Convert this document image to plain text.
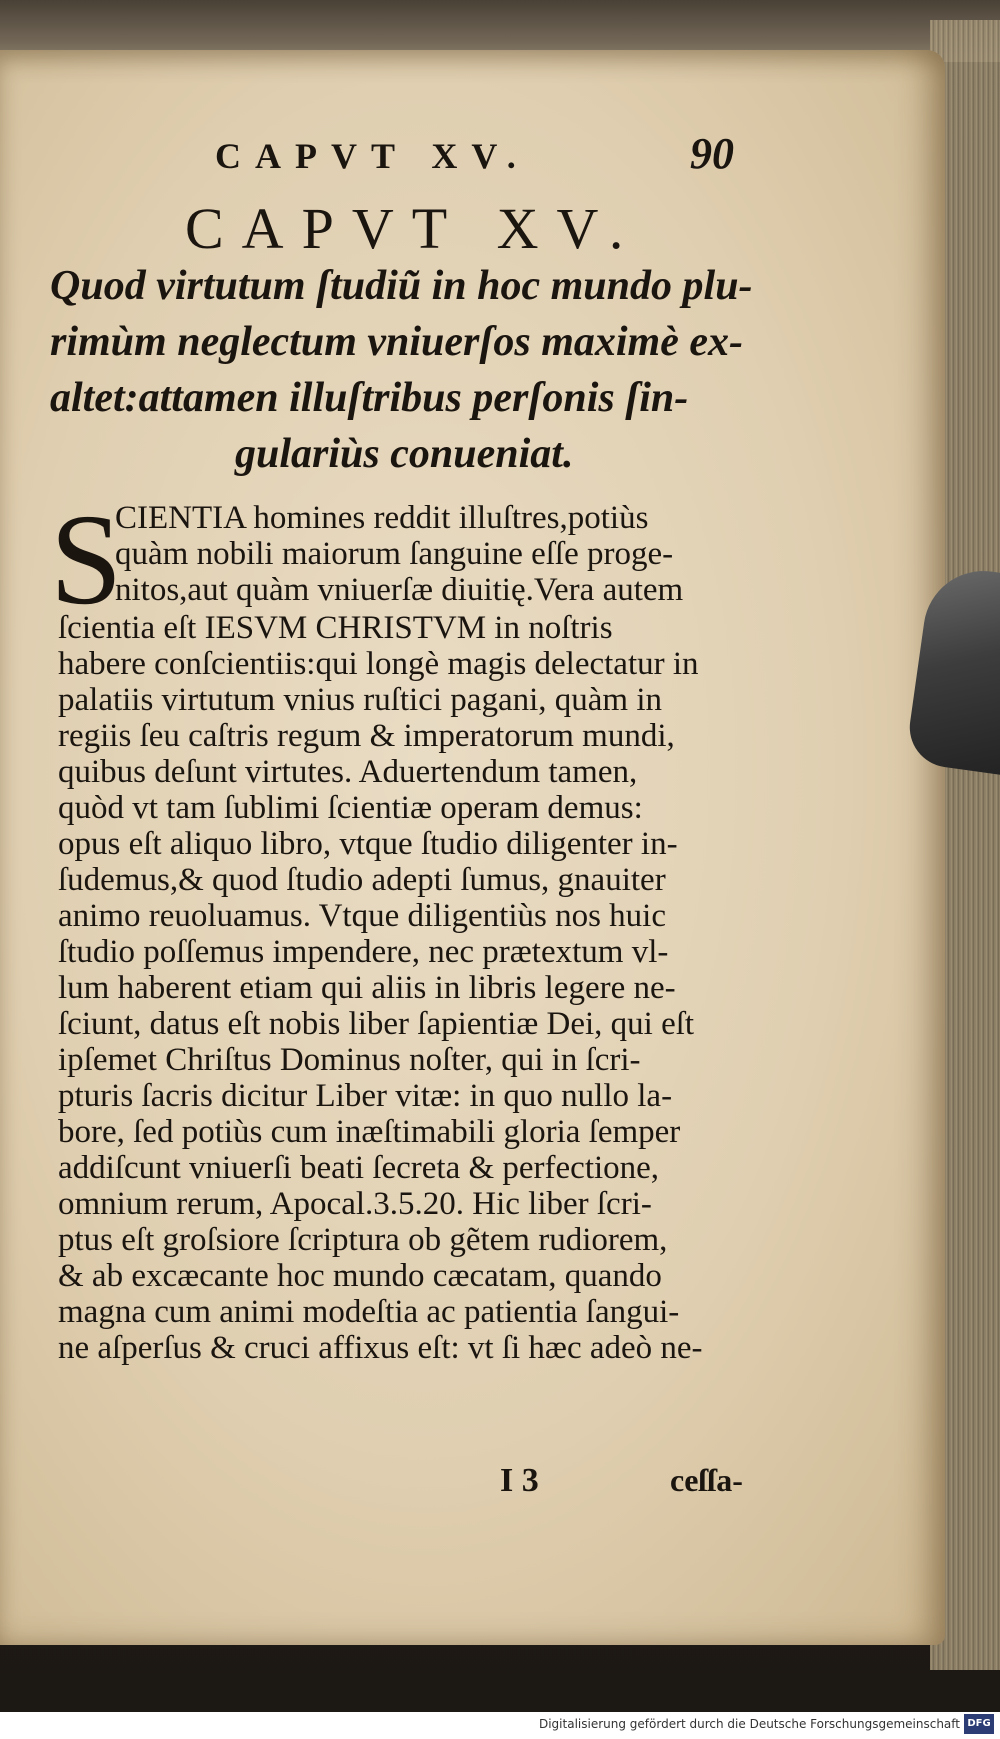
CAPVT XV.	90
CAPVT XV.
Quod virtutum ſtudiũ in hoc mundo plu-
rimùm neglectum vniuerſos maximè ex-
altet:attamen illuſtribus perſonis ſin-
gulariùs conueniat.
S
CIENTIA homines reddit illuſtres,potiùs
quàm nobili maiorum ſanguine eſſe proge-
nitos,aut quàm vniuerſæ diuitię.Vera autem
ſcientia eſt IESVM CHRISTVM in noſtris
habere conſcientiis:qui longè magis delectatur in
palatiis virtutum vnius ruſtici pagani, quàm in
regiis ſeu caſtris regum & imperatorum mundi,
quibus deſunt virtutes. Aduertendum tamen,
quòd vt tam ſublimi ſcientiæ operam demus:
opus eſt aliquo libro, vtque ſtudio diligenter in-
ſudemus,& quod ſtudio adepti ſumus, gnauiter
animo reuoluamus. Vtque diligentiùs nos huic
ſtudio poſſemus impendere, nec prætextum vl-
lum haberent etiam qui aliis in libris legere ne-
ſciunt, datus eſt nobis liber ſapientiæ Dei, qui eſt
ipſemet Chriſtus Dominus noſter, qui in ſcri-
pturis ſacris dicitur Liber vitæ: in quo nullo la-
bore, ſed potiùs cum inæſtimabili gloria ſemper
addiſcunt vniuerſi beati ſecreta & perfectione,
omnium rerum, Apocal.3.5.20. Hic liber ſcri-
ptus eſt groſsiore ſcriptura ob gẽtem rudiorem,
& ab excæcante hoc mundo cæcatam, quando
magna cum animi modeſtia ac patientia ſangui-
ne aſperſus & cruci affixus eſt: vt ſi hæc adeò ne-
I 3	ceſſa-
Digitalisierung gefördert durch die Deutsche Forschungsgemeinschaft DFG
